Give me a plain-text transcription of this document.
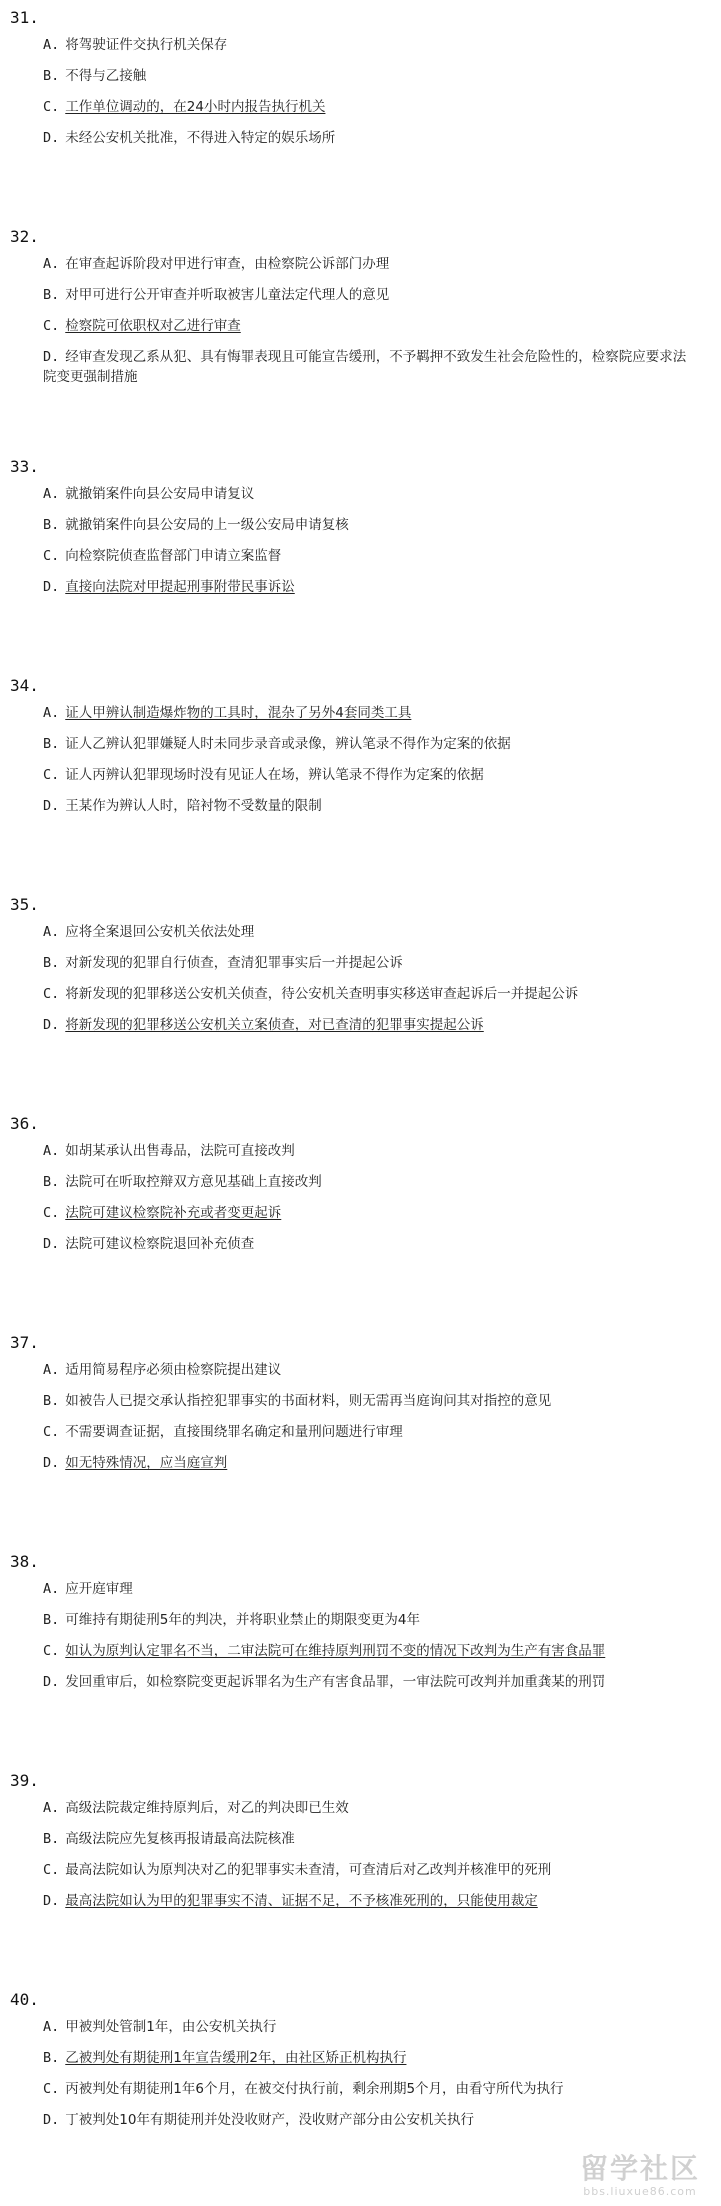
31.
A. 将驾驶证件交执行机关保存
B. 不得与乙接触
C. 工作单位调动的，在24小时内报告执行机关
D. 未经公安机关批准，不得进入特定的娱乐场所
32.
A. 在审查起诉阶段对甲进行审查，由检察院公诉部门办理
B. 对甲可进行公开审查并听取被害儿童法定代理人的意见
C. 检察院可依职权对乙进行审查
D. 经审查发现乙系从犯、具有悔罪表现且可能宣告缓刑，不予羁押不致发生社会危险性的，检察院应要求法院变更强制措施
33.
A. 就撤销案件向县公安局申请复议
B. 就撤销案件向县公安局的上一级公安局申请复核
C. 向检察院侦查监督部门申请立案监督
D. 直接向法院对甲提起刑事附带民事诉讼
34.
A. 证人甲辨认制造爆炸物的工具时，混杂了另外4套同类工具
B. 证人乙辨认犯罪嫌疑人时未同步录音或录像，辨认笔录不得作为定案的依据
C. 证人丙辨认犯罪现场时没有见证人在场，辨认笔录不得作为定案的依据
D. 王某作为辨认人时，陪衬物不受数量的限制
35.
A. 应将全案退回公安机关依法处理
B. 对新发现的犯罪自行侦查，查清犯罪事实后一并提起公诉
C. 将新发现的犯罪移送公安机关侦查，待公安机关查明事实移送审查起诉后一并提起公诉
D. 将新发现的犯罪移送公安机关立案侦查，对已查清的犯罪事实提起公诉
36.
A. 如胡某承认出售毒品，法院可直接改判
B. 法院可在听取控辩双方意见基础上直接改判
C. 法院可建议检察院补充或者变更起诉
D. 法院可建议检察院退回补充侦查
37.
A. 适用简易程序必须由检察院提出建议
B. 如被告人已提交承认指控犯罪事实的书面材料，则无需再当庭询问其对指控的意见
C. 不需要调查证据，直接围绕罪名确定和量刑问题进行审理
D. 如无特殊情况，应当庭宣判
38.
A. 应开庭审理
B. 可维持有期徒刑5年的判决，并将职业禁止的期限变更为4年
C. 如认为原判认定罪名不当，二审法院可在维持原判刑罚不变的情况下改判为生产有害食品罪
D. 发回重审后，如检察院变更起诉罪名为生产有害食品罪，一审法院可改判并加重龚某的刑罚
39.
A. 高级法院裁定维持原判后，对乙的判决即已生效
B. 高级法院应先复核再报请最高法院核准
C. 最高法院如认为原判决对乙的犯罪事实未查清，可查清后对乙改判并核准甲的死刑
D. 最高法院如认为甲的犯罪事实不清、证据不足，不予核准死刑的，只能使用裁定
40.
A. 甲被判处管制1年，由公安机关执行
B. 乙被判处有期徒刑1年宣告缓刑2年，由社区矫正机构执行
C. 丙被判处有期徒刑1年6个月，在被交付执行前，剩余刑期5个月，由看守所代为执行
D. 丁被判处10年有期徒刑并处没收财产，没收财产部分由公安机关执行
留学社区
bbs.liuxue86.com
